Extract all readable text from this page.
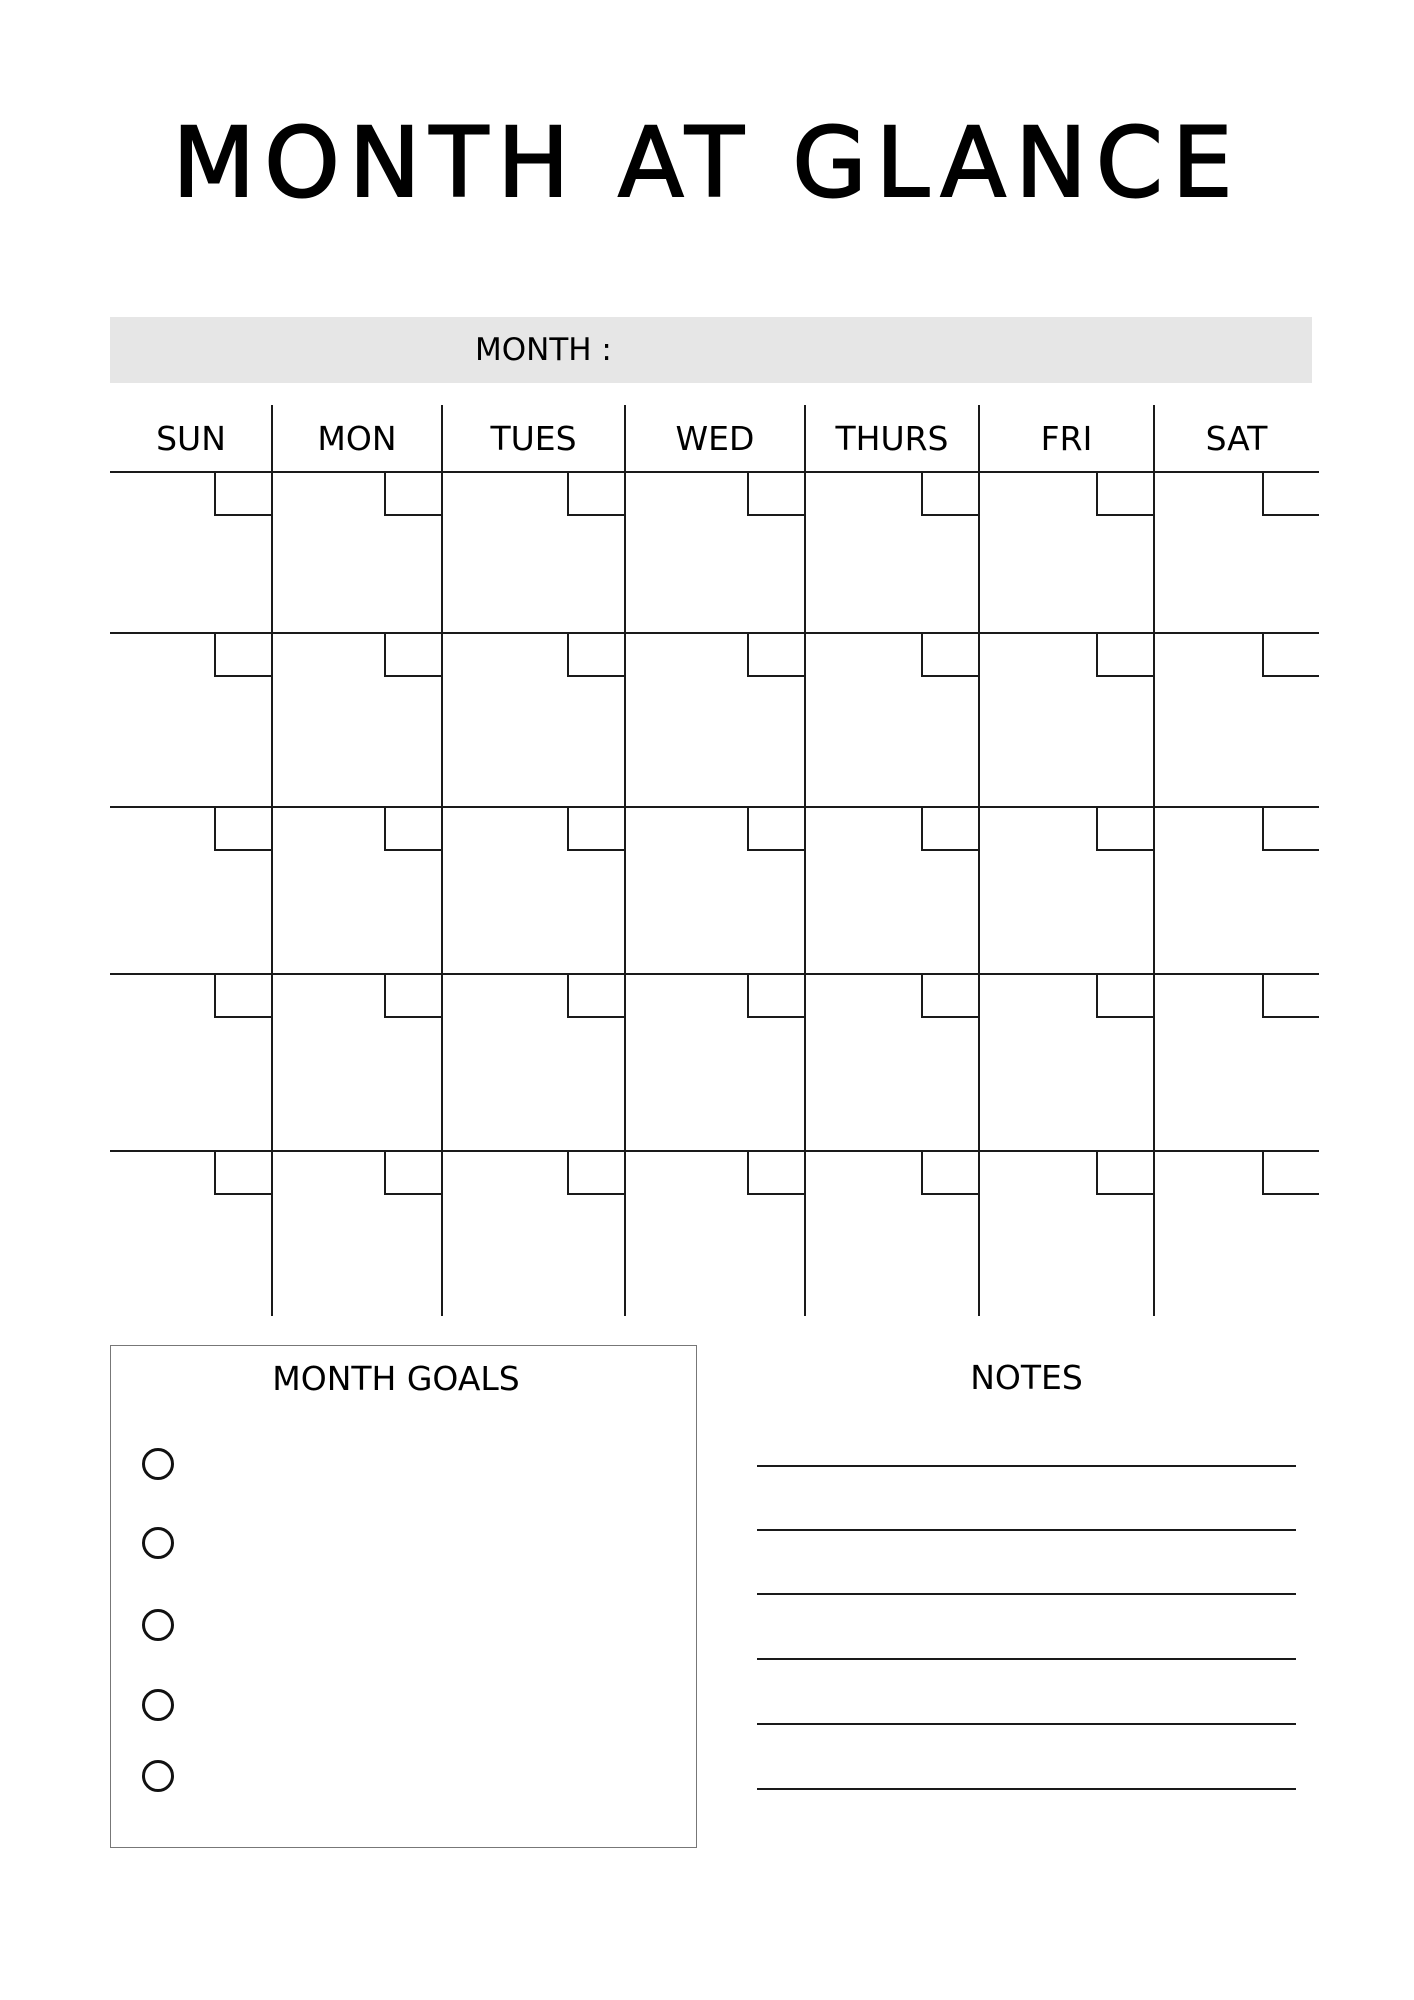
MONTH AT GLANCE
MONTH :
SUN	MON	TUES	WED	THURS	FRI	SAT
MONTH GOALS	NOTES
